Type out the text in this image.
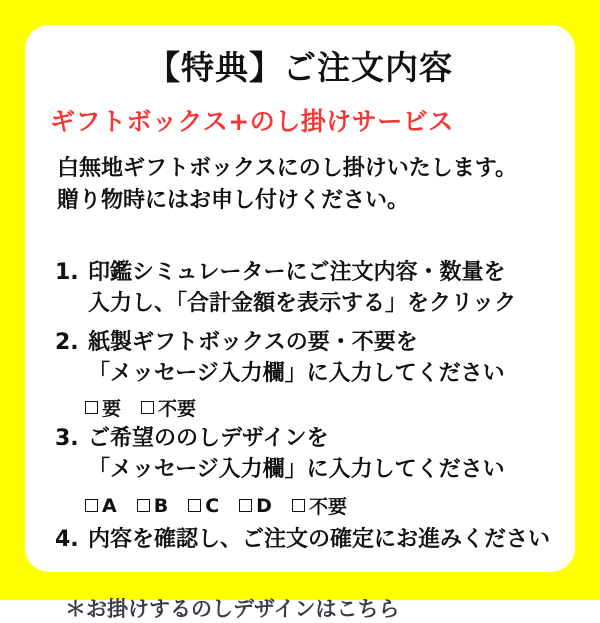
【特典】ご注文内容
ギフトボックス+のし掛けサービス
白無地ギフトボックスにのし掛けいたします。
贈り物時にはお申し付けください。
1. 印鑑シミュレーターにご注文内容・数量を
入力し、「合計金額を表示する」をクリック
2. 紙製ギフトボックスの要・不要を
「メッセージ入力欄」に入力してください
要 不要
3. ご希望ののしデザインを
「メッセージ入力欄」に入力してください
A B C D 不要
4. 内容を確認し、ご注文の確定にお進みください
＊お掛けするのしデザインはこちら
